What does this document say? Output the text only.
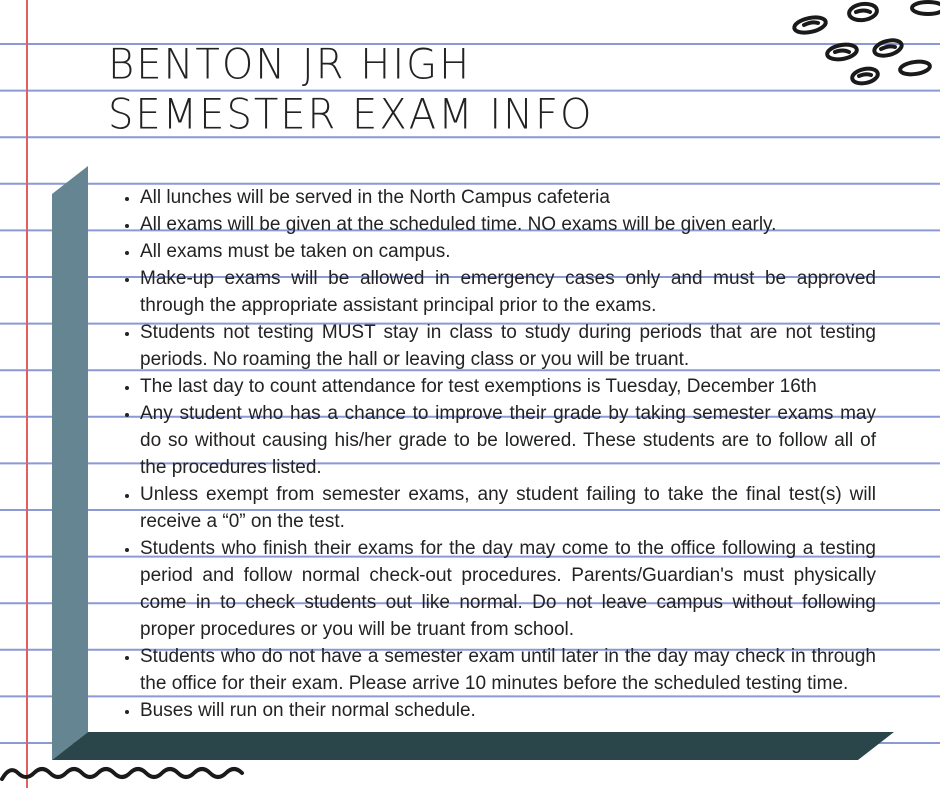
BENTON JR HIGH
SEMESTER EXAM INFO
• All lunches will be served in the North Campus cafeteria
• All exams will be given at the scheduled time. NO exams will be given early.
• All exams must be taken on campus.
• Make-up exams will be allowed in emergency cases only and must be approved through the appropriate assistant principal prior to the exams.
• Students not testing MUST stay in class to study during periods that are not testing periods. No roaming the hall or leaving class or you will be truant.
• The last day to count attendance for test exemptions is Tuesday, December 16th
• Any student who has a chance to improve their grade by taking semester exams may do so without causing his/her grade to be lowered. These students are to follow all of the procedures listed.
• Unless exempt from semester exams, any student failing to take the final test(s) will receive a “0” on the test.
• Students who finish their exams for the day may come to the office following a testing period and follow normal check-out procedures. Parents/Guardian's must physically come in to check students out like normal. Do not leave campus without following proper procedures or you will be truant from school.
• Students who do not have a semester exam until later in the day may check in through the office for their exam. Please arrive 10 minutes before the scheduled testing time.
• Buses will run on their normal schedule.
